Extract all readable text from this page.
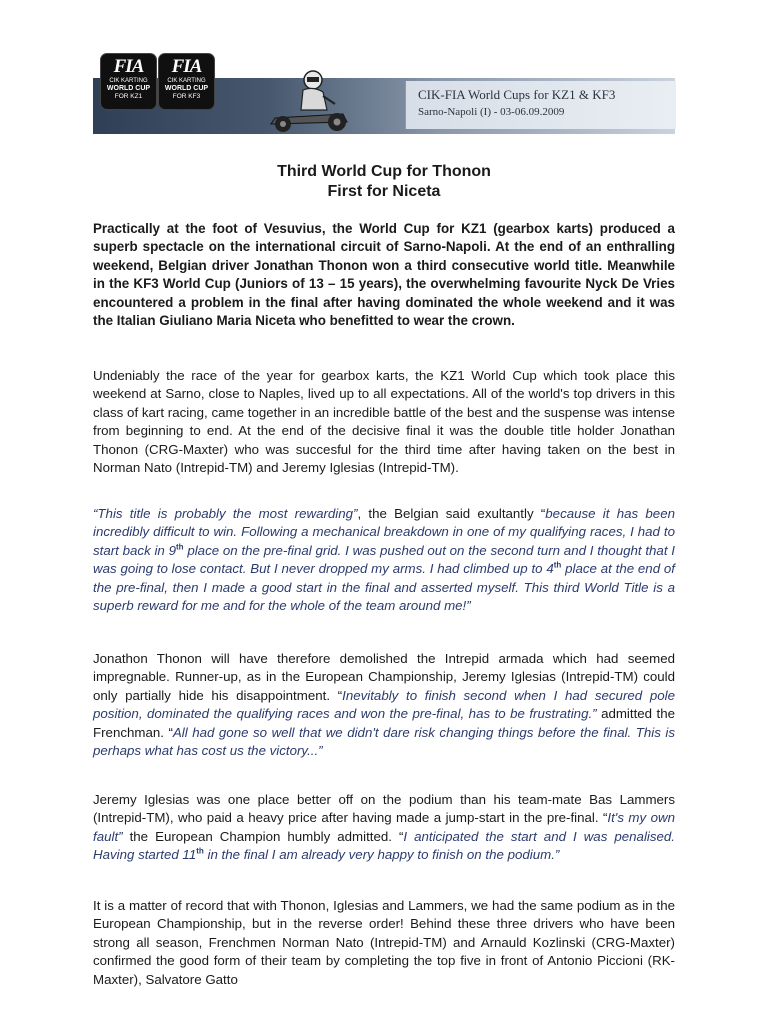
FIA
CIK KARTING
WORLD CUP
FOR KZ1
FIA
CIK KARTING
WORLD CUP
FOR KF3	CIK-FIA World Cups for KZ1 & KF3
Sarno-Napoli (I) - 03-06.09.2009
Third World Cup for Thonon
First for Niceta

Practically at the foot of Vesuvius, the World Cup for KZ1 (gearbox karts) produced a superb spectacle on the international circuit of Sarno-Napoli. At the end of an enthralling weekend, Belgian driver Jonathan Thonon won a third consecutive world title. Meanwhile in the KF3 World Cup (Juniors of 13 – 15 years), the overwhelming favourite Nyck De Vries encountered a problem in the final after having dominated the whole weekend and it was the Italian Giuliano Maria Niceta who benefitted to wear the crown.

Undeniably the race of the year for gearbox karts, the KZ1 World Cup which took place this weekend at Sarno, close to Naples, lived up to all expectations. All of the world's top drivers in this class of kart racing, came together in an incredible battle of the best and the suspense was intense from beginning to end. At the end of the decisive final it was the double title holder Jonathan Thonon (CRG-Maxter) who was succesful for the third time after having taken on the best in Norman Nato (Intrepid-TM) and Jeremy Iglesias (Intrepid-TM).

“This title is probably the most rewarding”, the Belgian said exultantly “because it has been incredibly difficult to win. Following a mechanical breakdown in one of my qualifying races, I had to start back in 9th place on the pre-final grid. I was pushed out on the second turn and I thought that I was going to lose contact. But I never dropped my arms. I had climbed up to 4th place at the end of the pre-final, then I made a good start in the final and asserted myself. This third World Title is a superb reward for me and for the whole of the team around me!”

Jonathon Thonon will have therefore demolished the Intrepid armada which had seemed impregnable. Runner-up, as in the European Championship, Jeremy Iglesias (Intrepid-TM) could only partially hide his disappointment. “Inevitably to finish second when I had secured pole position, dominated the qualifying races and won the pre-final, has to be frustrating.” admitted the Frenchman. “All had gone so well that we didn't dare risk changing things before the final. This is perhaps what has cost us the victory...”

Jeremy Iglesias was one place better off on the podium than his team-mate Bas Lammers (Intrepid-TM), who paid a heavy price after having made a jump-start in the pre-final. “It's my own fault” the European Champion humbly admitted. “I anticipated the start and I was penalised. Having started 11th in the final I am already very happy to finish on the podium.”

It is a matter of record that with Thonon, Iglesias and Lammers, we had the same podium as in the European Championship, but in the reverse order! Behind these three drivers who have been strong all season, Frenchmen Norman Nato (Intrepid-TM) and Arnauld Kozlinski (CRG-Maxter) confirmed the good form of their team by completing the top five in front of Antonio Piccioni (RK-Maxter), Salvatore Gatto
